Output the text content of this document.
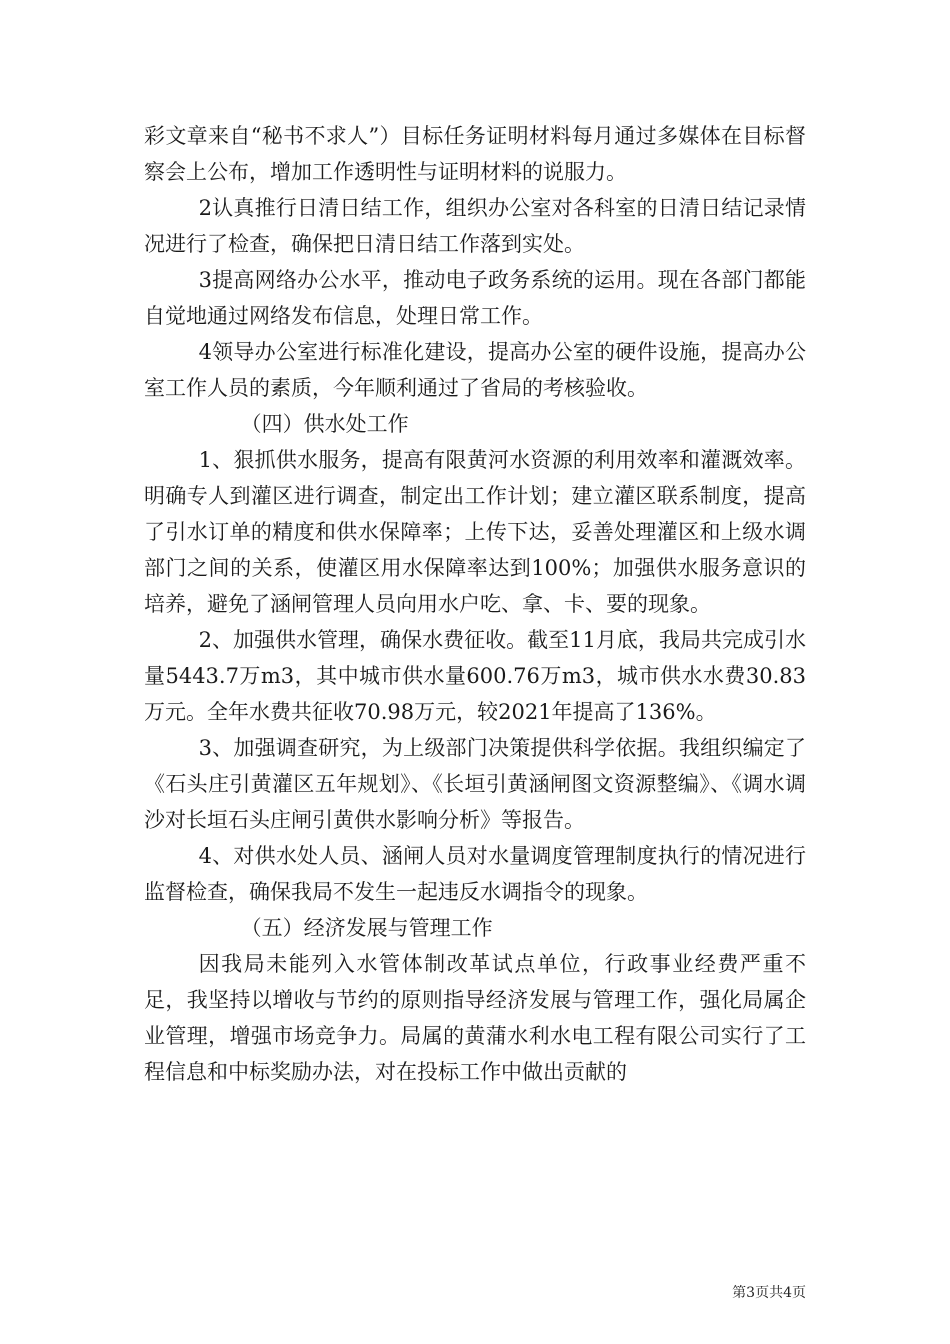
彩文章来自“秘书不求人”）目标任务证明材料每月通过多媒体在目标督察会上公布，增加工作透明性与证明材料的说服力。

2认真推行日清日结工作，组织办公室对各科室的日清日结记录情况进行了检查，确保把日清日结工作落到实处。

3提高网络办公水平，推动电子政务系统的运用。现在各部门都能自觉地通过网络发布信息，处理日常工作。

4领导办公室进行标准化建设，提高办公室的硬件设施，提高办公室工作人员的素质，今年顺利通过了省局的考核验收。

（四）供水处工作

1、狠抓供水服务，提高有限黄河水资源的利用效率和灌溉效率。明确专人到灌区进行调查，制定出工作计划；建立灌区联系制度，提高了引水订单的精度和供水保障率；上传下达，妥善处理灌区和上级水调部门之间的关系，使灌区用水保障率达到100%；加强供水服务意识的培养，避免了涵闸管理人员向用水户吃、拿、卡、要的现象。

2、加强供水管理，确保水费征收。截至11月底，我局共完成引水量5443.7万m3，其中城市供水量600.76万m3，城市供水水费30.83万元。全年水费共征收70.98万元，较2021年提高了136%。

3、加强调查研究，为上级部门决策提供科学依据。我组织编定了《石头庄引黄灌区五年规划》、《长垣引黄涵闸图文资源整编》、《调水调沙对长垣石头庄闸引黄供水影响分析》等报告。

4、对供水处人员、涵闸人员对水量调度管理制度执行的情况进行监督检查，确保我局不发生一起违反水调指令的现象。

（五）经济发展与管理工作

因我局未能列入水管体制改革试点单位，行政事业经费严重不足，我坚持以增收与节约的原则指导经济发展与管理工作，强化局属企业管理，增强市场竞争力。局属的黄蒲水利水电工程有限公司实行了工程信息和中标奖励办法，对在投标工作中做出贡献的

第3页共4页
